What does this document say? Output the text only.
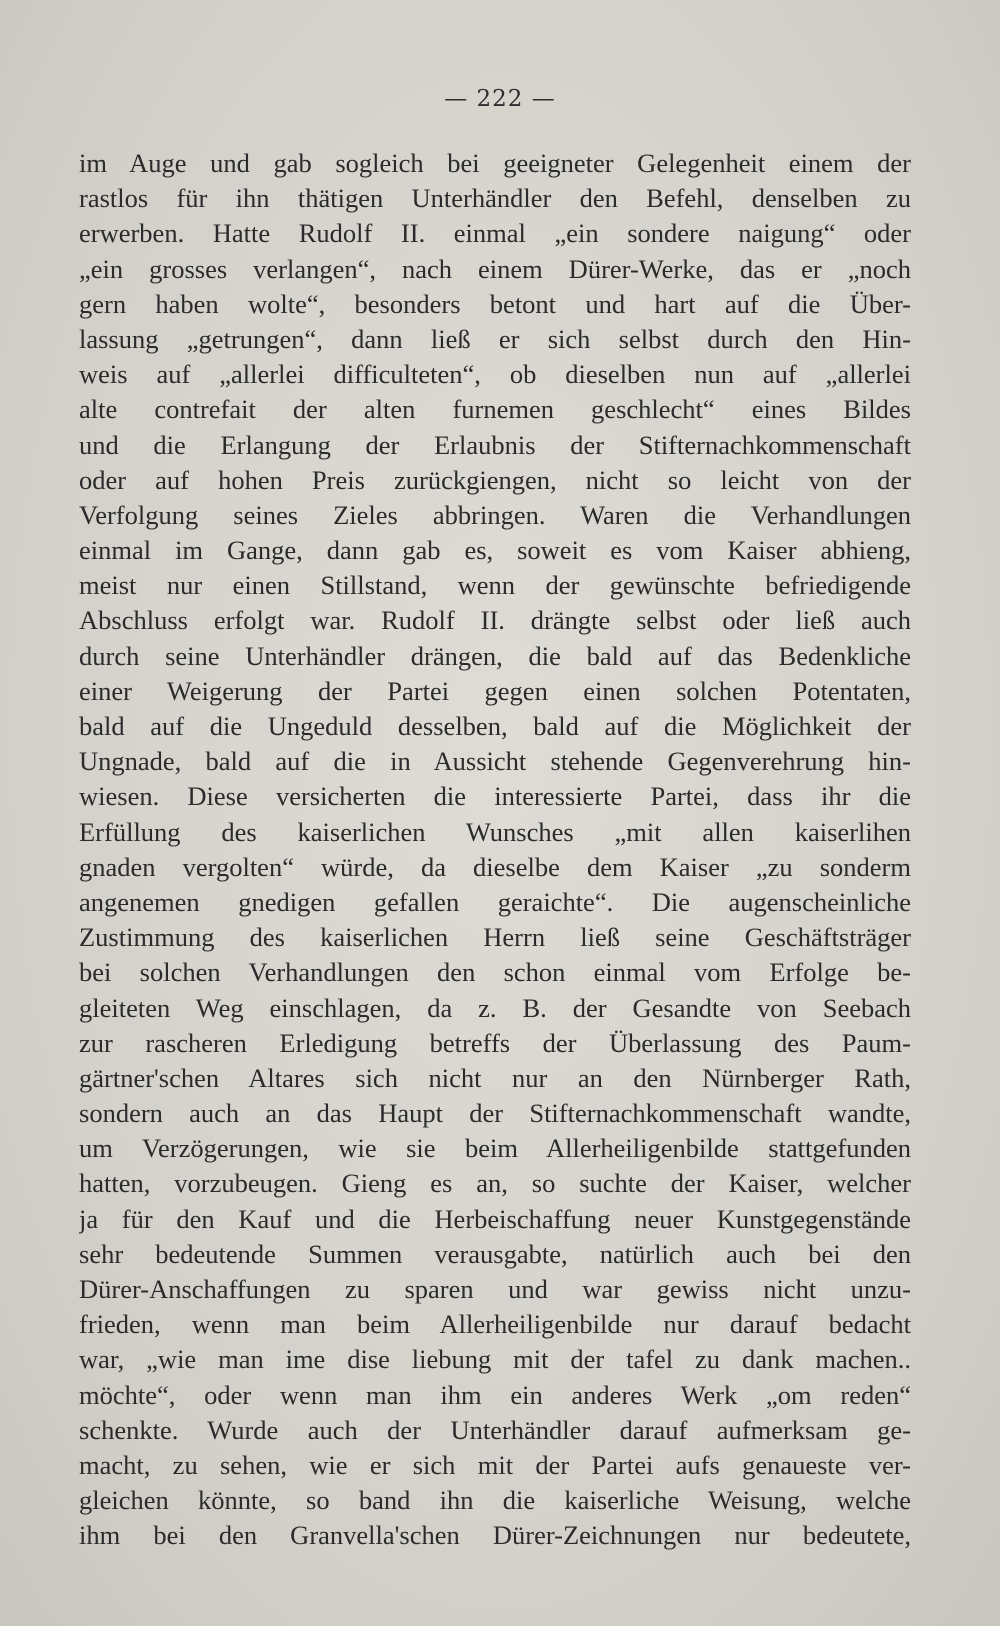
— 222 —
im Auge und gab sogleich bei geeigneter Gelegenheit einem der
rastlos für ihn thätigen Unterhändler den Befehl, denselben zu
erwerben. Hatte Rudolf II. einmal „ein sondere naigung“ oder
„ein grosses verlangen“, nach einem Dürer-Werke, das er „noch
gern haben wolte“, besonders betont und hart auf die Über-
lassung „getrungen“, dann ließ er sich selbst durch den Hin-
weis auf „allerlei difficulteten“, ob dieselben nun auf „allerlei
alte contrefait der alten furnemen geschlecht“ eines Bildes
und die Erlangung der Erlaubnis der Stifternachkommenschaft
oder auf hohen Preis zurückgiengen, nicht so leicht von der
Verfolgung seines Zieles abbringen. Waren die Verhandlungen
einmal im Gange, dann gab es, soweit es vom Kaiser abhieng,
meist nur einen Stillstand, wenn der gewünschte befriedigende
Abschluss erfolgt war. Rudolf II. drängte selbst oder ließ auch
durch seine Unterhändler drängen, die bald auf das Bedenkliche
einer Weigerung der Partei gegen einen solchen Potentaten,
bald auf die Ungeduld desselben, bald auf die Möglichkeit der
Ungnade, bald auf die in Aussicht stehende Gegenverehrung hin-
wiesen. Diese versicherten die interessierte Partei, dass ihr die
Erfüllung des kaiserlichen Wunsches „mit allen kaiserlihen
gnaden vergolten“ würde, da dieselbe dem Kaiser „zu sonderm
angenemen gnedigen gefallen geraichte“. Die augenscheinliche
Zustimmung des kaiserlichen Herrn ließ seine Geschäftsträger
bei solchen Verhandlungen den schon einmal vom Erfolge be-
gleiteten Weg einschlagen, da z. B. der Gesandte von Seebach
zur rascheren Erledigung betreffs der Überlassung des Paum-
gärtner'schen Altares sich nicht nur an den Nürnberger Rath,
sondern auch an das Haupt der Stifternachkommenschaft wandte,
um Verzögerungen, wie sie beim Allerheiligenbilde stattgefunden
hatten, vorzubeugen. Gieng es an, so suchte der Kaiser, welcher
ja für den Kauf und die Herbeischaffung neuer Kunstgegenstände
sehr bedeutende Summen verausgabte, natürlich auch bei den
Dürer-Anschaffungen zu sparen und war gewiss nicht unzu-
frieden, wenn man beim Allerheiligenbilde nur darauf bedacht
war, „wie man ime dise liebung mit der tafel zu dank machen..
möchte“, oder wenn man ihm ein anderes Werk „om reden“
schenkte. Wurde auch der Unterhändler darauf aufmerksam ge-
macht, zu sehen, wie er sich mit der Partei aufs genaueste ver-
gleichen könnte, so band ihn die kaiserliche Weisung, welche
ihm bei den Granvella'schen Dürer-Zeichnungen nur bedeutete,
